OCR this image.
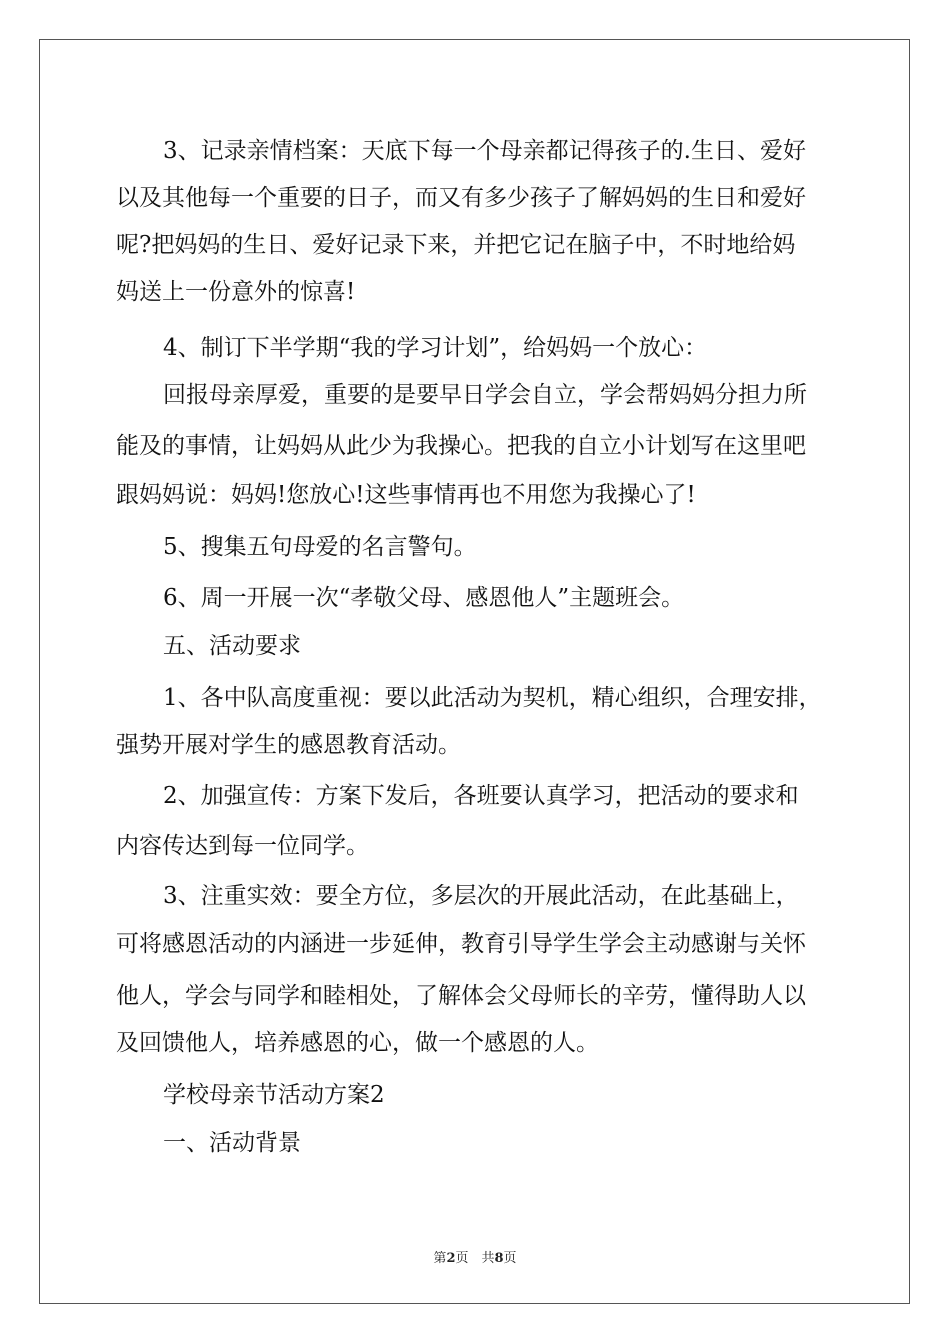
3、记录亲情档案：天底下每一个母亲都记得孩子的.生日、爱好
以及其他每一个重要的日子，而又有多少孩子了解妈妈的生日和爱好
呢?把妈妈的生日、爱好记录下来，并把它记在脑子中，不时地给妈
妈送上一份意外的惊喜!
4、制订下半学期“我的学习计划”，给妈妈一个放心：
回报母亲厚爱，重要的是要早日学会自立，学会帮妈妈分担力所
能及的事情，让妈妈从此少为我操心。把我的自立小计划写在这里吧
跟妈妈说：妈妈!您放心!这些事情再也不用您为我操心了!
5、搜集五句母爱的名言警句。
6、周一开展一次“孝敬父母、感恩他人”主题班会。
五、活动要求
1、各中队高度重视：要以此活动为契机，精心组织，合理安排，
强势开展对学生的感恩教育活动。
2、加强宣传：方案下发后，各班要认真学习，把活动的要求和
内容传达到每一位同学。
3、注重实效：要全方位，多层次的开展此活动，在此基础上，
可将感恩活动的内涵进一步延伸，教育引导学生学会主动感谢与关怀
他人，学会与同学和睦相处，了解体会父母师长的辛劳，懂得助人以
及回馈他人，培养感恩的心，做一个感恩的人。
学校母亲节活动方案2
一、活动背景
第2页　共8页
